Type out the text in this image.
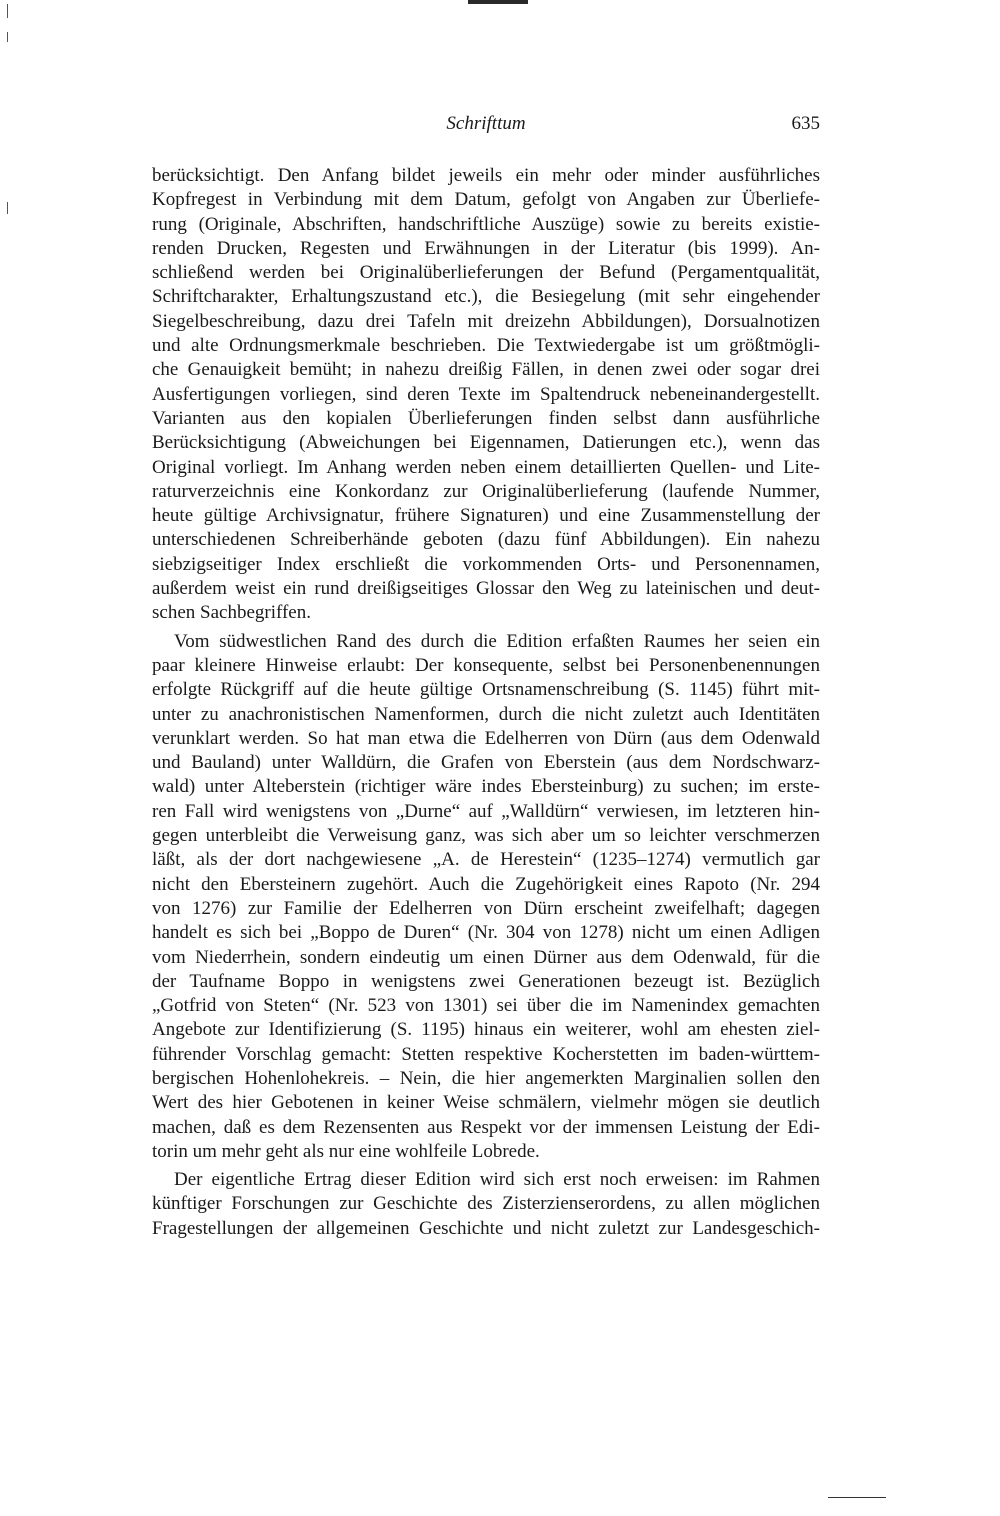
Schrifttum	635
berücksichtigt. Den Anfang bildet jeweils ein mehr oder minder ausführliches
Kopfregest in Verbindung mit dem Datum, gefolgt von Angaben zur Überliefe-
rung (Originale, Abschriften, handschriftliche Auszüge) sowie zu bereits existie-
renden Drucken, Regesten und Erwähnungen in der Literatur (bis 1999). An-
schließend werden bei Originalüberlieferungen der Befund (Pergamentqualität,
Schriftcharakter, Erhaltungszustand etc.), die Besiegelung (mit sehr eingehender
Siegelbeschreibung, dazu drei Tafeln mit dreizehn Abbildungen), Dorsualnotizen
und alte Ordnungsmerkmale beschrieben. Die Textwiedergabe ist um größtmögli-
che Genauigkeit bemüht; in nahezu dreißig Fällen, in denen zwei oder sogar drei
Ausfertigungen vorliegen, sind deren Texte im Spaltendruck nebeneinandergestellt.
Varianten aus den kopialen Überlieferungen finden selbst dann ausführliche
Berücksichtigung (Abweichungen bei Eigennamen, Datierungen etc.), wenn das
Original vorliegt. Im Anhang werden neben einem detaillierten Quellen- und Lite-
raturverzeichnis eine Konkordanz zur Originalüberlieferung (laufende Nummer,
heute gültige Archivsignatur, frühere Signaturen) und eine Zusammenstellung der
unterschiedenen Schreiberhände geboten (dazu fünf Abbildungen). Ein nahezu
siebzigseitiger Index erschließt die vorkommenden Orts- und Personennamen,
außerdem weist ein rund dreißigseitiges Glossar den Weg zu lateinischen und deut-
schen Sachbegriffen.
Vom südwestlichen Rand des durch die Edition erfaßten Raumes her seien ein
paar kleinere Hinweise erlaubt: Der konsequente, selbst bei Personenbenennungen
erfolgte Rückgriff auf die heute gültige Ortsnamenschreibung (S. 1145) führt mit-
unter zu anachronistischen Namenformen, durch die nicht zuletzt auch Identitäten
verunklart werden. So hat man etwa die Edelherren von Dürn (aus dem Odenwald
und Bauland) unter Walldürn, die Grafen von Eberstein (aus dem Nordschwarz-
wald) unter Alteberstein (richtiger wäre indes Ebersteinburg) zu suchen; im erste-
ren Fall wird wenigstens von „Durne“ auf „Walldürn“ verwiesen, im letzteren hin-
gegen unterbleibt die Verweisung ganz, was sich aber um so leichter verschmerzen
läßt, als der dort nachgewiesene „A. de Herestein“ (1235–1274) vermutlich gar
nicht den Ebersteinern zugehört. Auch die Zugehörigkeit eines Rapoto (Nr. 294
von 1276) zur Familie der Edelherren von Dürn erscheint zweifelhaft; dagegen
handelt es sich bei „Boppo de Duren“ (Nr. 304 von 1278) nicht um einen Adligen
vom Niederrhein, sondern eindeutig um einen Dürner aus dem Odenwald, für die
der Taufname Boppo in wenigstens zwei Generationen bezeugt ist. Bezüglich
„Gotfrid von Steten“ (Nr. 523 von 1301) sei über die im Namenindex gemachten
Angebote zur Identifizierung (S. 1195) hinaus ein weiterer, wohl am ehesten ziel-
führender Vorschlag gemacht: Stetten respektive Kocherstetten im baden-württem-
bergischen Hohenlohekreis. – Nein, die hier angemerkten Marginalien sollen den
Wert des hier Gebotenen in keiner Weise schmälern, vielmehr mögen sie deutlich
machen, daß es dem Rezensenten aus Respekt vor der immensen Leistung der Edi-
torin um mehr geht als nur eine wohlfeile Lobrede.
Der eigentliche Ertrag dieser Edition wird sich erst noch erweisen: im Rahmen
künftiger Forschungen zur Geschichte des Zisterzienserordens, zu allen möglichen
Fragestellungen der allgemeinen Geschichte und nicht zuletzt zur Landesgeschich-
